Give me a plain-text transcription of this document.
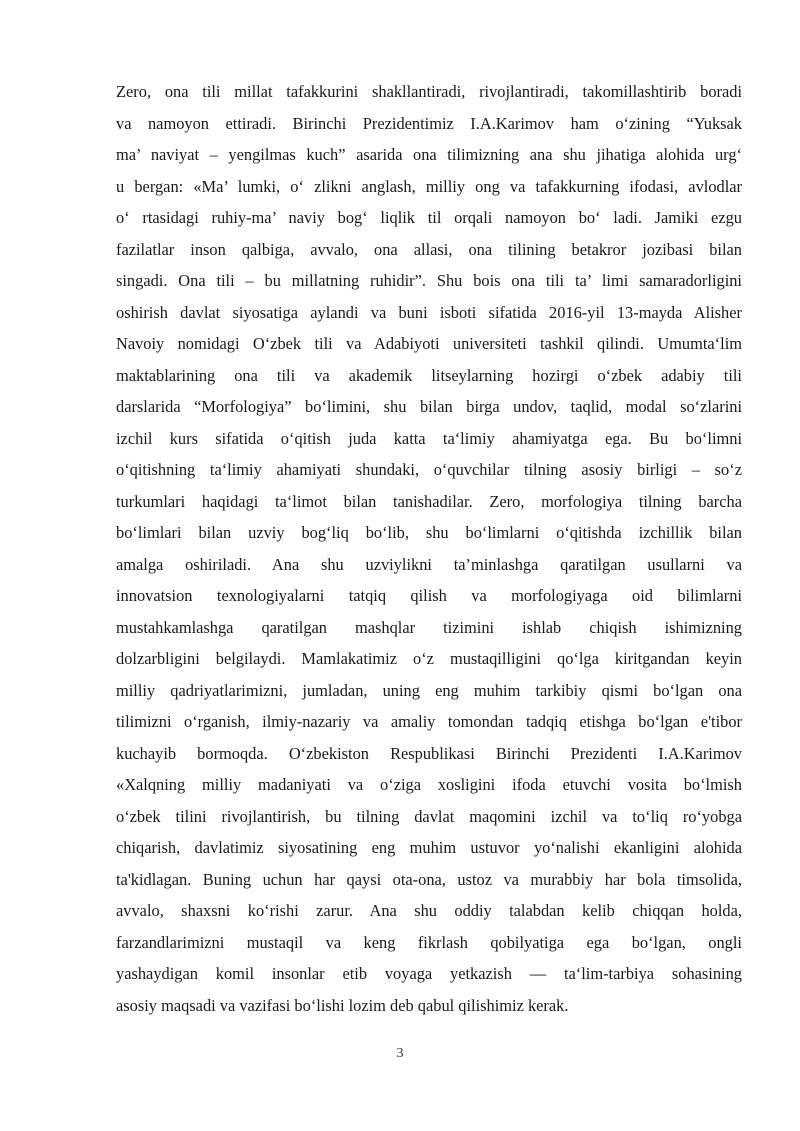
Zero, ona tili millat tafakkurini shakllantiradi, rivojlantiradi, takomillashtirib boradi
va namoyon ettiradi. Birinchi Prezidentimiz I.A.Karimov ham o‘zining “Yuksak
ma’ naviyat – yengilmas kuch” asarida ona tilimizning ana shu jihatiga alohida urg‘
u bergan: «Ma’ lumki, o‘ zlikni anglash, milliy ong va tafakkurning ifodasi, avlodlar
o‘ rtasidagi ruhiy-ma’ naviy bog‘ liqlik til orqali namoyon bo‘ ladi. Jamiki ezgu
fazilatlar inson qalbiga, avvalo, ona allasi, ona tilining betakror jozibasi bilan
singadi. Ona tili – bu millatning ruhidir”. Shu bois ona tili ta’ limi samaradorligini
oshirish davlat siyosatiga aylandi va buni isboti sifatida 2016-yil 13-mayda Alisher
Navoiy nomidagi O‘zbek tili va Adabiyoti universiteti tashkil qilindi. Umumta‘lim
maktablarining ona tili va akademik litseylarning hozirgi o‘zbek adabiy tili
darslarida “Morfologiya” bo‘limini, shu bilan birga undov, taqlid, modal so‘zlarini
izchil kurs sifatida o‘qitish juda katta ta‘limiy ahamiyatga ega. Bu bo‘limni
o‘qitishning ta‘limiy ahamiyati shundaki, o‘quvchilar tilning asosiy birligi – so‘z
turkumlari haqidagi ta‘limot bilan tanishadilar. Zero, morfologiya tilning barcha
bo‘limlari bilan uzviy bog‘liq bo‘lib, shu bo‘limlarni o‘qitishda izchillik bilan
amalga oshiriladi. Ana shu uzviylikni ta’minlashga qaratilgan usullarni va
innovatsion texnologiyalarni tatqiq qilish va morfologiyaga oid bilimlarni
mustahkamlashga qaratilgan mashqlar tizimini ishlab chiqish ishimizning
dolzarbligini belgilaydi. Mamlakatimiz o‘z mustaqilligini qo‘lga kiritgandan keyin
milliy qadriyatlarimizni, jumladan, uning eng muhim tarkibiy qismi bo‘lgan ona
tilimizni o‘rganish, ilmiy-nazariy va amaliy tomondan tadqiq etishga bo‘lgan e'tibor
kuchayib bormoqda. O‘zbekiston Respublikasi Birinchi Prezidenti I.A.Karimov
«Xalqning milliy madaniyati va o‘ziga xosligini ifoda etuvchi vosita bo‘lmish
o‘zbek tilini rivojlantirish, bu tilning davlat maqomini izchil va to‘liq ro‘yobga
chiqarish, davlatimiz siyosatining eng muhim ustuvor yo‘nalishi ekanligini alohida
ta'kidlagan. Buning uchun har qaysi ota-ona, ustoz va murabbiy har bola timsolida,
avvalo, shaxsni ko‘rishi zarur. Ana shu oddiy talabdan kelib chiqqan holda,
farzandlarimizni mustaqil va keng fikrlash qobilyatiga ega bo‘lgan, ongli
yashaydigan komil insonlar etib voyaga yetkazish — ta‘lim-tarbiya sohasining
asosiy maqsadi va vazifasi bo‘lishi lozim deb qabul qilishimiz kerak.
3
